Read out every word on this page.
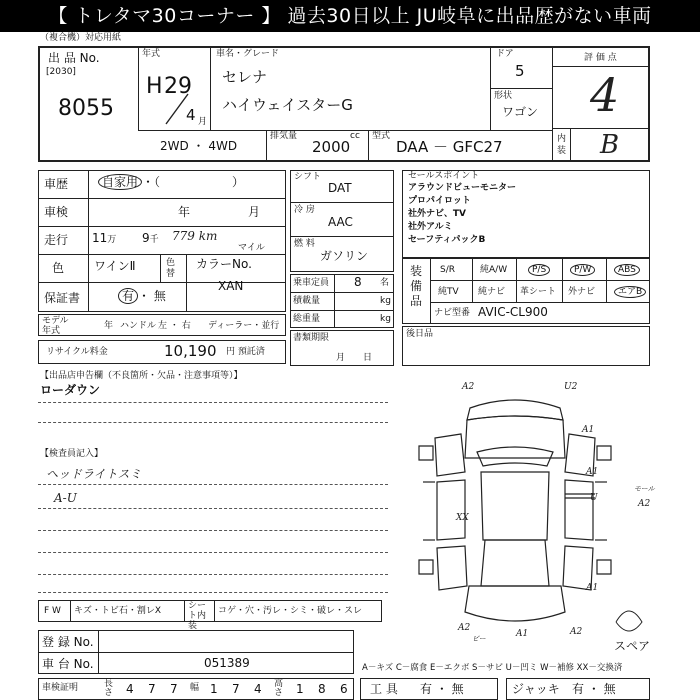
【 トレタマ30コーナー 】 過去30日以上 JU岐阜に出品歴がない車両
（複合機）対応用紙
出 品 No.
[2030]
8055
年式
H 29
4 月
車名・グレード
セレナ
ハイウェイスターG
ドア
5
形状
ワゴン
評 価 点
4
内装 B
2WD ・ 4WD
排気量
2000
cc 型式
DAA － GFC27
車歴	自家用 ・（　　　　　　）
車検	年	月
走行 11万 9千 779 km
マイル
色 ワインⅡ	色替
カラーNo.
XAN
保証書	有 ・ 無
モデル 年式	年 ハンドル 左 ・ 右 ディーラー・並行
リサイクル料金	10,190 円 預託済
シフト
DAT
冷 房
AAC
燃 料
ガソリン
乗車定員 8 名
積載量	kg
総重量	kg
書類期限
月　　日
セールスポイント
アラウンドビューモニター
プロパイロット
社外ナビ、TV
社外アルミ
セーフティパックB
装備品
S/R	純A/W	P/S	P/W	ABS
純TV 純ナビ 革シート 外ナビ	エアB
ナビ型番 AVIC-CL900
後日品
【出品店申告欄（不良箇所・欠品・注意事項等）】
ローダウン
【検査員記入】
ヘッドライトスミ
A-U
F W キズ・トビ石・割レX	シート内装
コゲ・穴・汚レ・シミ・破レ・スレ
登 録 No.
車 台 No.	051389
車検証明	長さ 4 7 7 幅 1 7 4 高さ 1 8 6 工 具 有 ・ 無	ジャッキ 有 ・ 無
A－キズ C－腐食 E－エクボ S－サビ U－凹ミ W－補修 XX－交換済
スペア
A2	U2
A1
A1
U
モール
A2
XX
A1
A2
ビー	A1	A2
